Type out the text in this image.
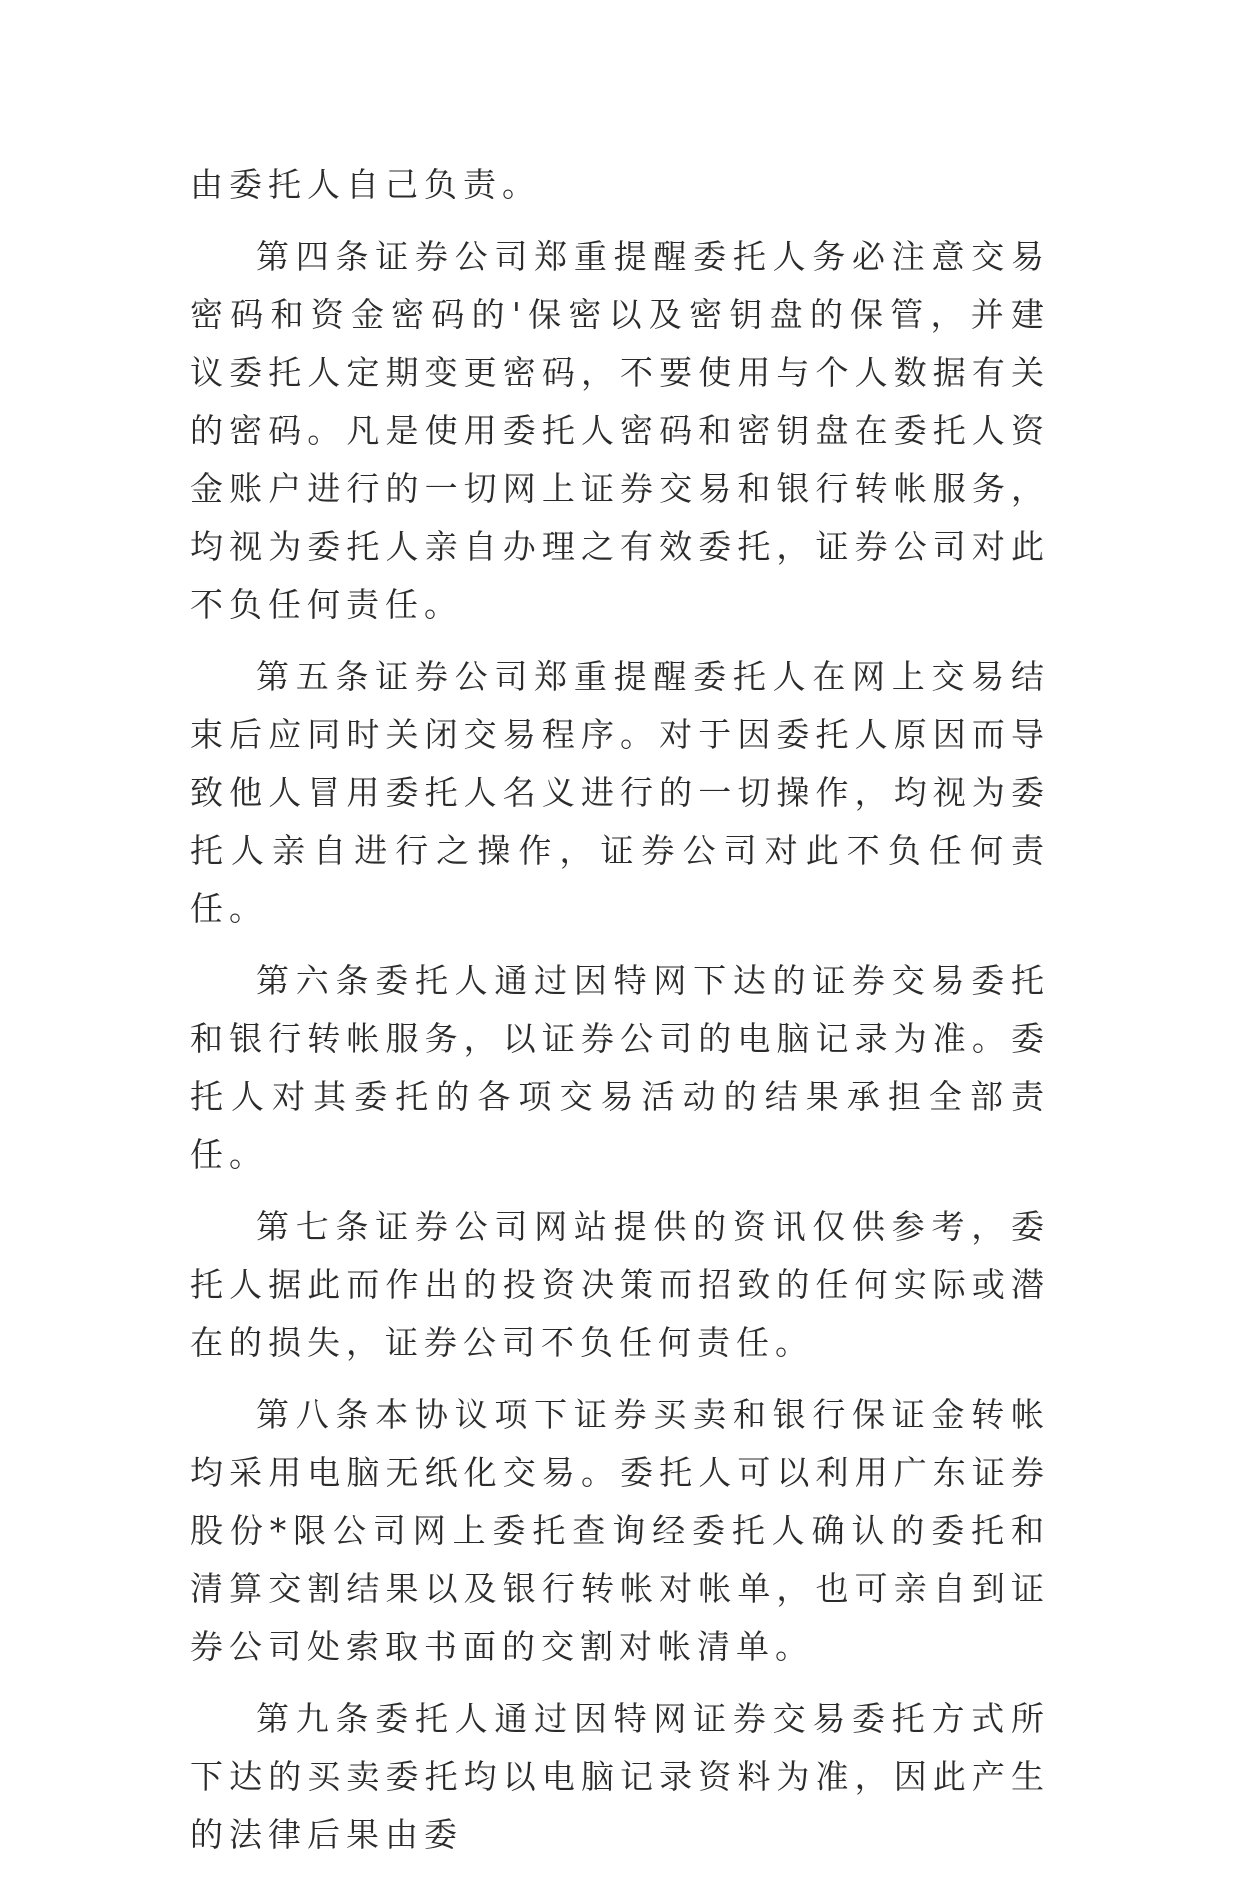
由委托人自己负责。

第四条证券公司郑重提醒委托人务必注意交易密码和资金密码的'保密以及密钥盘的保管，并建议委托人定期变更密码，不要使用与个人数据有关的密码。凡是使用委托人密码和密钥盘在委托人资金账户进行的一切网上证券交易和银行转帐服务，均视为委托人亲自办理之有效委托，证券公司对此不负任何责任。

第五条证券公司郑重提醒委托人在网上交易结束后应同时关闭交易程序。对于因委托人原因而导致他人冒用委托人名义进行的一切操作，均视为委托人亲自进行之操作，证券公司对此不负任何责任。

第六条委托人通过因特网下达的证券交易委托和银行转帐服务，以证券公司的电脑记录为准。委托人对其委托的各项交易活动的结果承担全部责任。

第七条证券公司网站提供的资讯仅供参考，委托人据此而作出的投资决策而招致的任何实际或潜在的损失，证券公司不负任何责任。

第八条本协议项下证券买卖和银行保证金转帐均采用电脑无纸化交易。委托人可以利用广东证券股份*限公司网上委托查询经委托人确认的委托和清算交割结果以及银行转帐对帐单，也可亲自到证券公司处索取书面的交割对帐清单。

第九条委托人通过因特网证券交易委托方式所下达的买卖委托均以电脑记录资料为准，因此产生的法律后果由委
